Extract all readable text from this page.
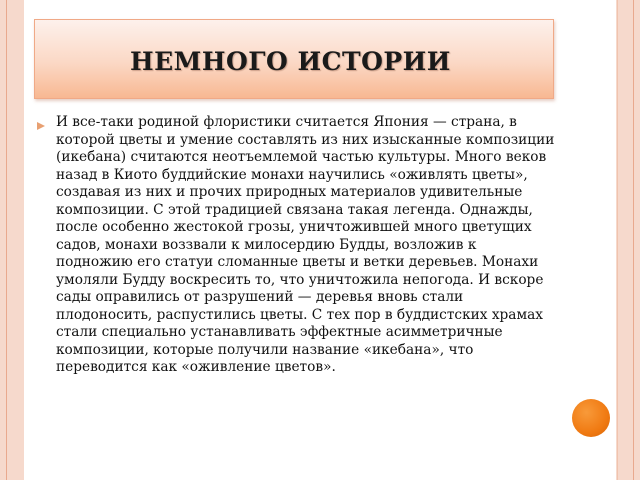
НЕМНОГО ИСТОРИИ

И все-таки родиной флористики считается Япония — страна, в которой цветы и умение составлять из них изысканные композиции (икебана) считаются неотъемлемой частью культуры. Много веков назад в Киото буддийские монахи научились «оживлять цветы», создавая из них и прочих природных материалов удивительные композиции. С этой традицией связана такая легенда. Однажды, после особенно жестокой грозы, уничтожившей много цветущих садов, монахи воззвали к милосердию Будды, возложив к подножию его статуи сломанные цветы и ветки деревьев. Монахи умоляли Будду воскресить то, что уничтожила непогода. И вскоре сады оправились от разрушений — деревья вновь стали плодоносить, распустились цветы. С тех пор в буддистских храмах стали специально устанавливать эффектные асимметричные композиции, которые получили название «икебана», что переводится как «оживление цветов».
